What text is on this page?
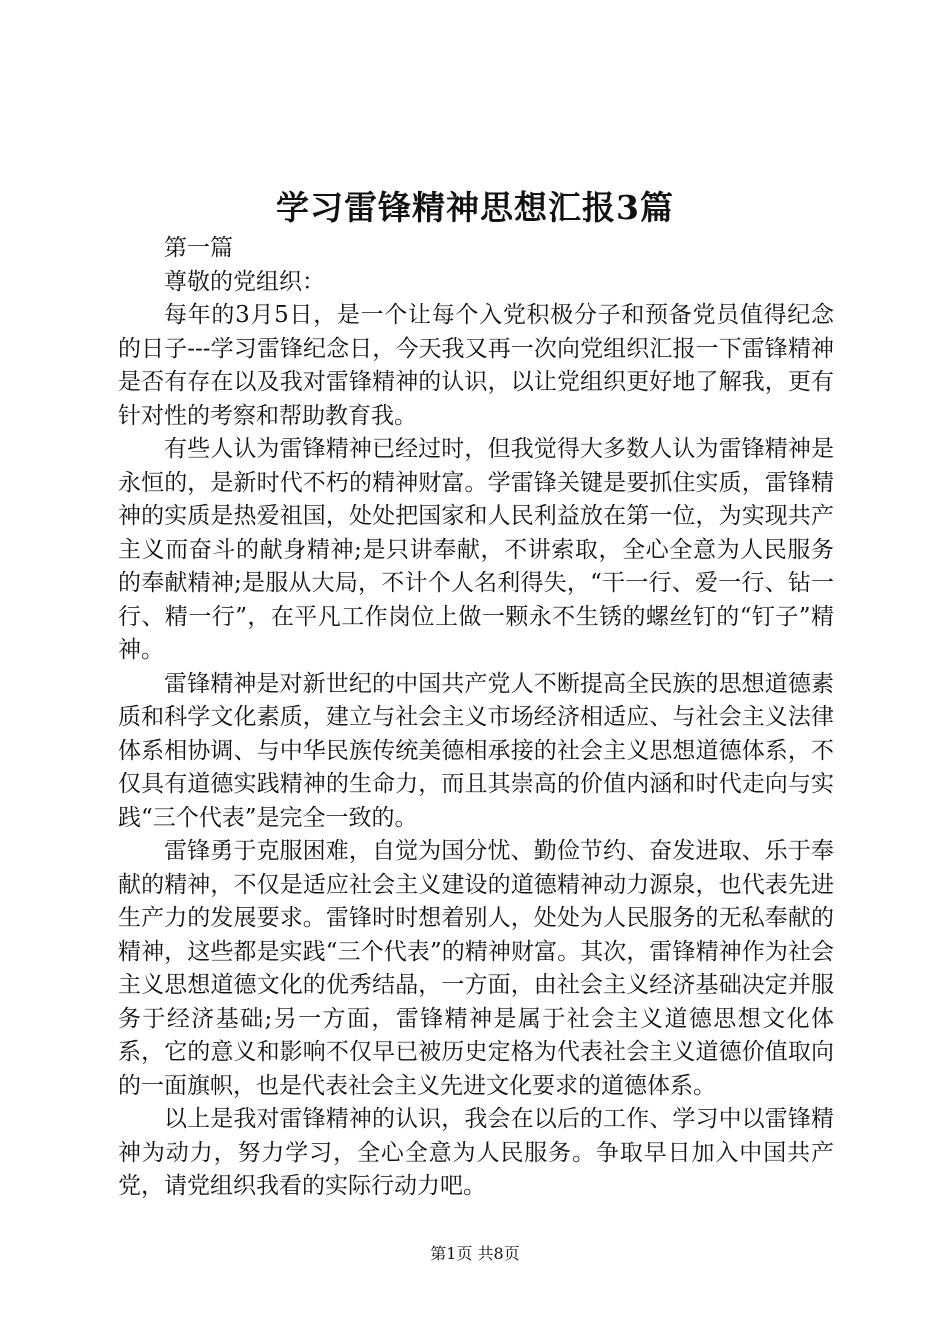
学习雷锋精神思想汇报3篇

第一篇

尊敬的党组织：

每年的3月5日，是一个让每个入党积极分子和预备党员值得纪念的日子---学习雷锋纪念日，今天我又再一次向党组织汇报一下雷锋精神是否有存在以及我对雷锋精神的认识，以让党组织更好地了解我，更有针对性的考察和帮助教育我。

有些人认为雷锋精神已经过时，但我觉得大多数人认为雷锋精神是永恒的，是新时代不朽的精神财富。学雷锋关键是要抓住实质，雷锋精神的实质是热爱祖国，处处把国家和人民利益放在第一位，为实现共产主义而奋斗的献身精神;是只讲奉献，不讲索取，全心全意为人民服务的奉献精神;是服从大局，不计个人名利得失，“干一行、爱一行、钻一行、精一行”，在平凡工作岗位上做一颗永不生锈的螺丝钉的“钉子”精神。

雷锋精神是对新世纪的中国共产党人不断提高全民族的思想道德素质和科学文化素质，建立与社会主义市场经济相适应、与社会主义法律体系相协调、与中华民族传统美德相承接的社会主义思想道德体系，不仅具有道德实践精神的生命力，而且其崇高的价值内涵和时代走向与实践“三个代表”是完全一致的。

雷锋勇于克服困难，自觉为国分忧、勤俭节约、奋发进取、乐于奉献的精神，不仅是适应社会主义建设的道德精神动力源泉，也代表先进生产力的发展要求。雷锋时时想着别人，处处为人民服务的无私奉献的精神，这些都是实践“三个代表”的精神财富。其次，雷锋精神作为社会主义思想道德文化的优秀结晶，一方面，由社会主义经济基础决定并服务于经济基础;另一方面，雷锋精神是属于社会主义道德思想文化体系，它的意义和影响不仅早已被历史定格为代表社会主义道德价值取向的一面旗帜，也是代表社会主义先进文化要求的道德体系。

以上是我对雷锋精神的认识，我会在以后的工作、学习中以雷锋精神为动力，努力学习，全心全意为人民服务。争取早日加入中国共产党，请党组织我看的实际行动力吧。

第1页 共8页
